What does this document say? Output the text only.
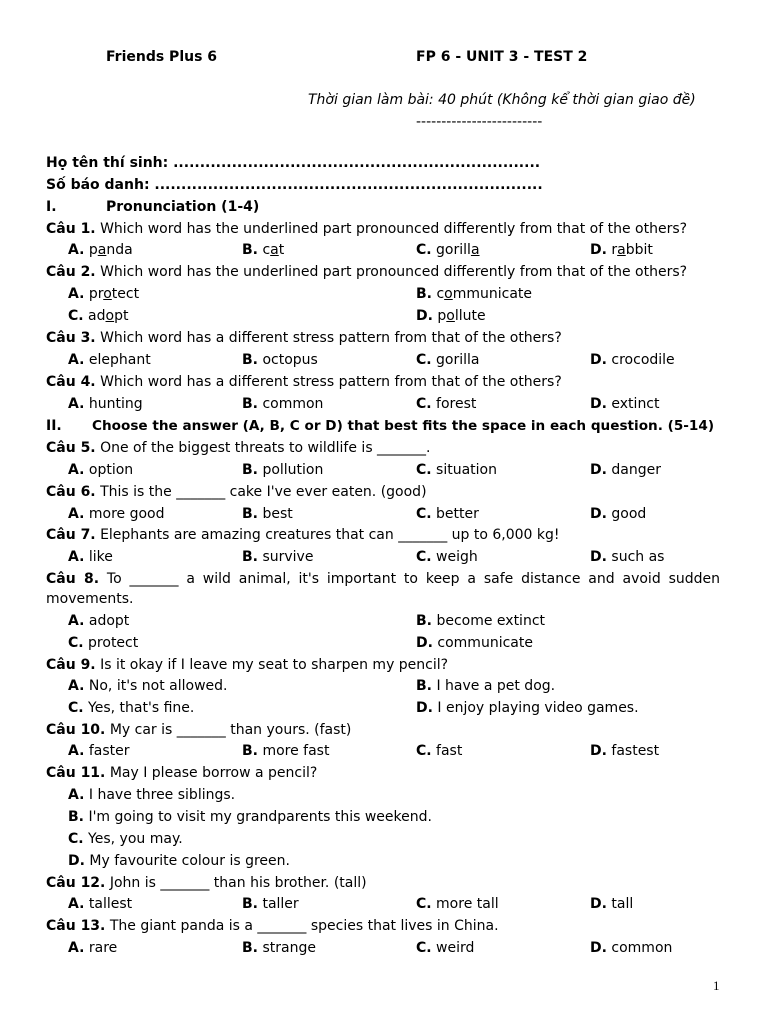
Friends Plus 6	FP 6 - UNIT 3 - TEST 2
Thời gian làm bài: 40 phút (Không kể thời gian giao đề)
-------------------------
Họ tên thí sinh: .....................................................................
Số báo danh: .........................................................................
I.	Pronunciation (1-4)
Câu 1. Which word has the underlined part pronounced differently from that of the others?
A. panda	B. cat	C. gorilla	D. rabbit
Câu 2. Which word has the underlined part pronounced differently from that of the others?
A. protect	B. communicate
C. adopt	D. pollute
Câu 3. Which word has a different stress pattern from that of the others?
A. elephant	B. octopus	C. gorilla	D. crocodile
Câu 4. Which word has a different stress pattern from that of the others?
A. hunting	B. common	C. forest	D. extinct
II. Choose the answer (A, B, C or D) that best fits the space in each question. (5-14)
Câu 5. One of the biggest threats to wildlife is _______.
A. option	B. pollution	C. situation	D. danger
Câu 6. This is the _______ cake I've ever eaten. (good)
A. more good	B. best	C. better	D. good
Câu 7. Elephants are amazing creatures that can _______ up to 6,000 kg!
A. like	B. survive	C. weigh	D. such as
Câu 8. To _______ a wild animal, it's important to keep a safe distance and avoid sudden movements.
A. adopt	B. become extinct
C. protect	D. communicate
Câu 9. Is it okay if I leave my seat to sharpen my pencil?
A. No, it's not allowed.	B. I have a pet dog.
C. Yes, that's fine.	D. I enjoy playing video games.
Câu 10. My car is _______ than yours. (fast)
A. faster	B. more fast	C. fast	D. fastest
Câu 11. May I please borrow a pencil?
A. I have three siblings.
B. I'm going to visit my grandparents this weekend.
C. Yes, you may.
D. My favourite colour is green.
Câu 12. John is _______ than his brother. (tall)
A. tallest	B. taller	C. more tall	D. tall
Câu 13. The giant panda is a _______ species that lives in China.
A. rare	B. strange	C. weird	D. common
1
